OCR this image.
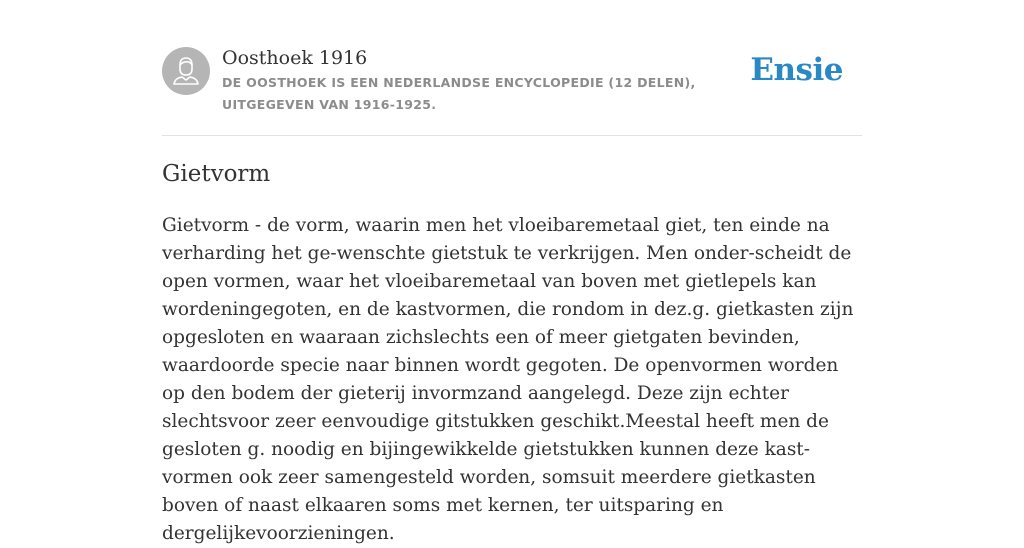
Oosthoek 1916
DE OOSTHOEK IS EEN NEDERLANDSE ENCYCLOPEDIE (12 DELEN), UITGEGEVEN VAN 1916-1925.
Ensie
Gietvorm

Gietvorm - de vorm, waarin men het vloeibaremetaal giet, ten einde na verharding het ge-wenschte gietstuk te verkrijgen. Men onder-scheidt de open vormen, waar het vloeibaremetaal van boven met gietlepels kan wordeningegoten, en de kastvormen, die rondom in dez.g. gietkasten zijn opgesloten en waaraan zichslechts een of meer gietgaten bevinden, waardoorde specie naar binnen wordt gegoten. De openvormen worden op den bodem der gieterij invormzand aangelegd. Deze zijn echter slechtsvoor zeer eenvoudige gitstukken geschikt.Meestal heeft men de gesloten g. noodig en bijingewikkelde gietstukken kunnen deze kast-vormen ook zeer samengesteld worden, somsuit meerdere gietkasten boven of naast elkaaren soms met kernen, ter uitsparing en dergelijkevoorzieningen.
